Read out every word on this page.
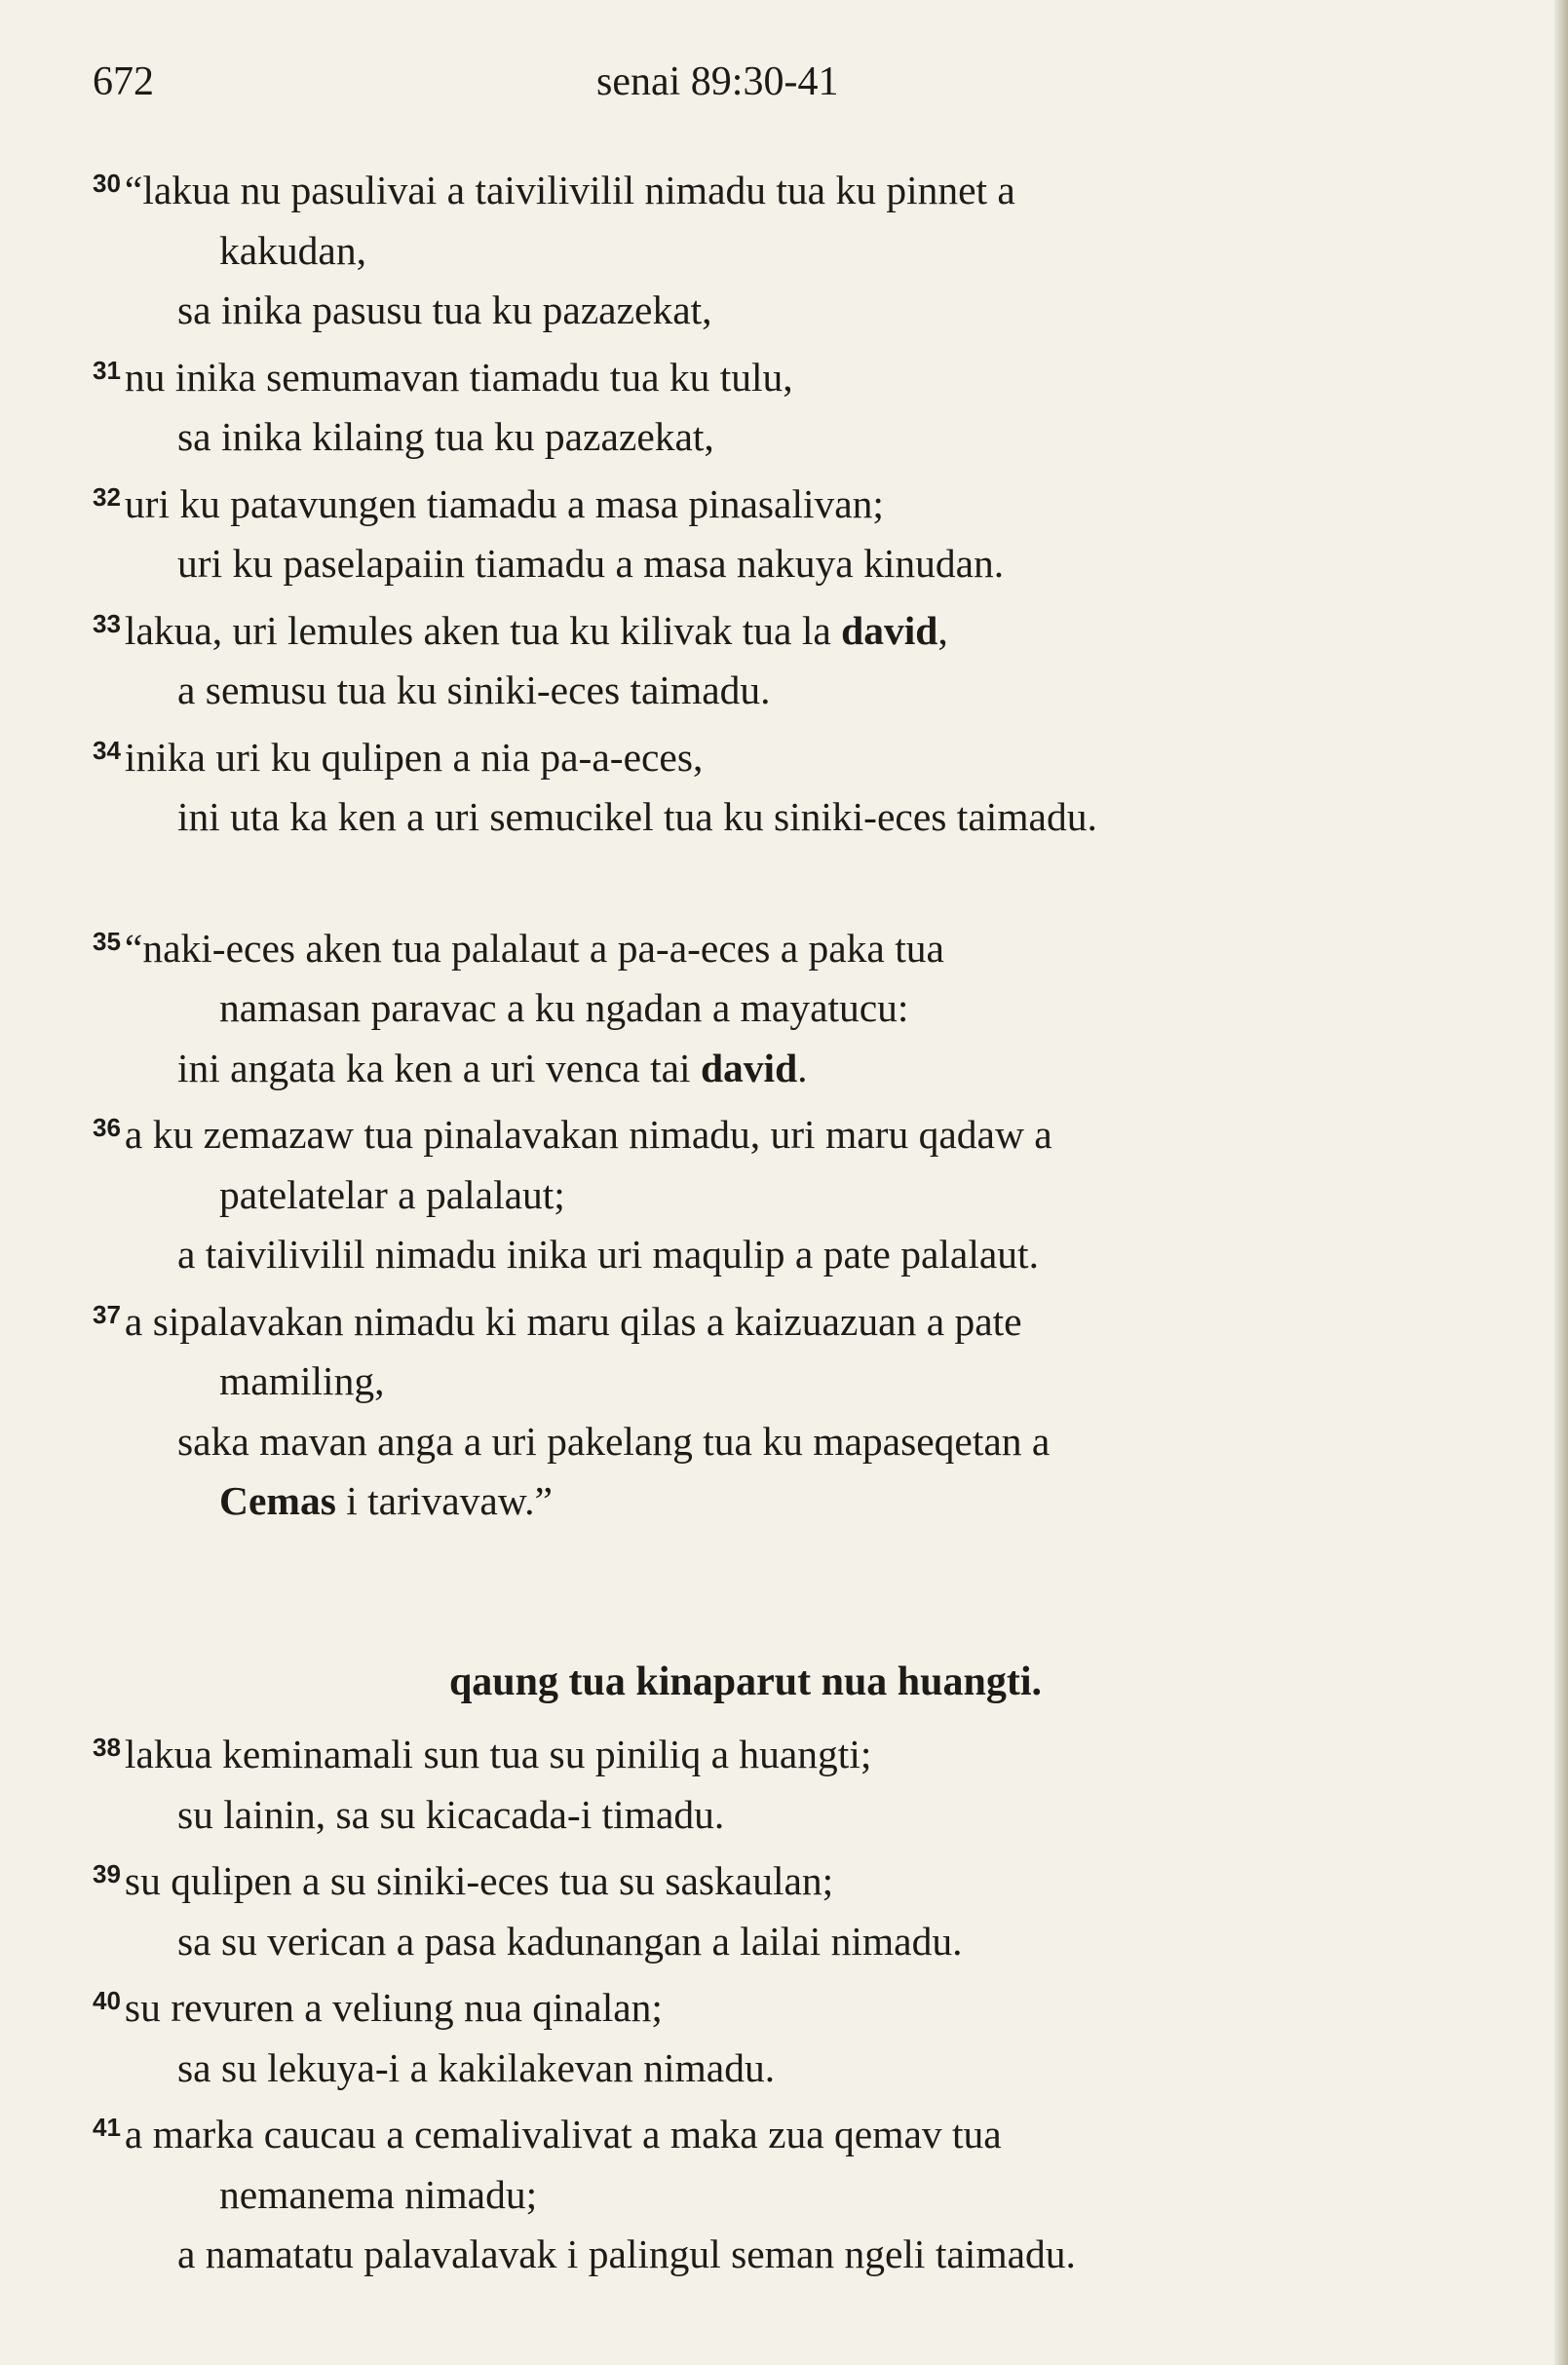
672	senai 89:30-41
$^{30}$“lakua nu pasulivai a taivilivilil nimadu tua ku pinnet a
kakudan,
sa inika pasusu tua ku pazazekat,
$^{31}$nu inika semumavan tiamadu tua ku tulu,
sa inika kilaing tua ku pazazekat,
$^{32}$uri ku patavungen tiamadu a masa pinasalivan;
uri ku paselapaiin tiamadu a masa nakuya kinudan.
$^{33}$lakua, uri lemules aken tua ku kilivak tua la david,
a semusu tua ku siniki-eces taimadu.
$^{34}$inika uri ku qulipen a nia pa-a-eces,
ini uta ka ken a uri semucikel tua ku siniki-eces taimadu.
$^{35}$“naki-eces aken tua palalaut a pa-a-eces a paka tua
namasan paravac a ku ngadan a mayatucu:
ini angata ka ken a uri venca tai david.
$^{36}$a ku zemazaw tua pinalavakan nimadu, uri maru qadaw a
patelatelar a palalaut;
a taivilivilil nimadu inika uri maqulip a pate palalaut.
$^{37}$a sipalavakan nimadu ki maru qilas a kaizuazuan a pate
mamiling,
saka mavan anga a uri pakelang tua ku mapaseqetan a
Cemas i tarivavaw.”
qaung tua kinaparut nua huangti.
$^{38}$lakua keminamali sun tua su piniliq a huangti;
su lainin, sa su kicacada-i timadu.
$^{39}$su qulipen a su siniki-eces tua su saskaulan;
sa su verican a pasa kadunangan a lailai nimadu.
$^{40}$su revuren a veliung nua qinalan;
sa su lekuya-i a kakilakevan nimadu.
$^{41}$a marka caucau a cemalivalivat a maka zua qemav tua
nemanema nimadu;
a namatatu palavalavak i palingul seman ngeli taimadu.
